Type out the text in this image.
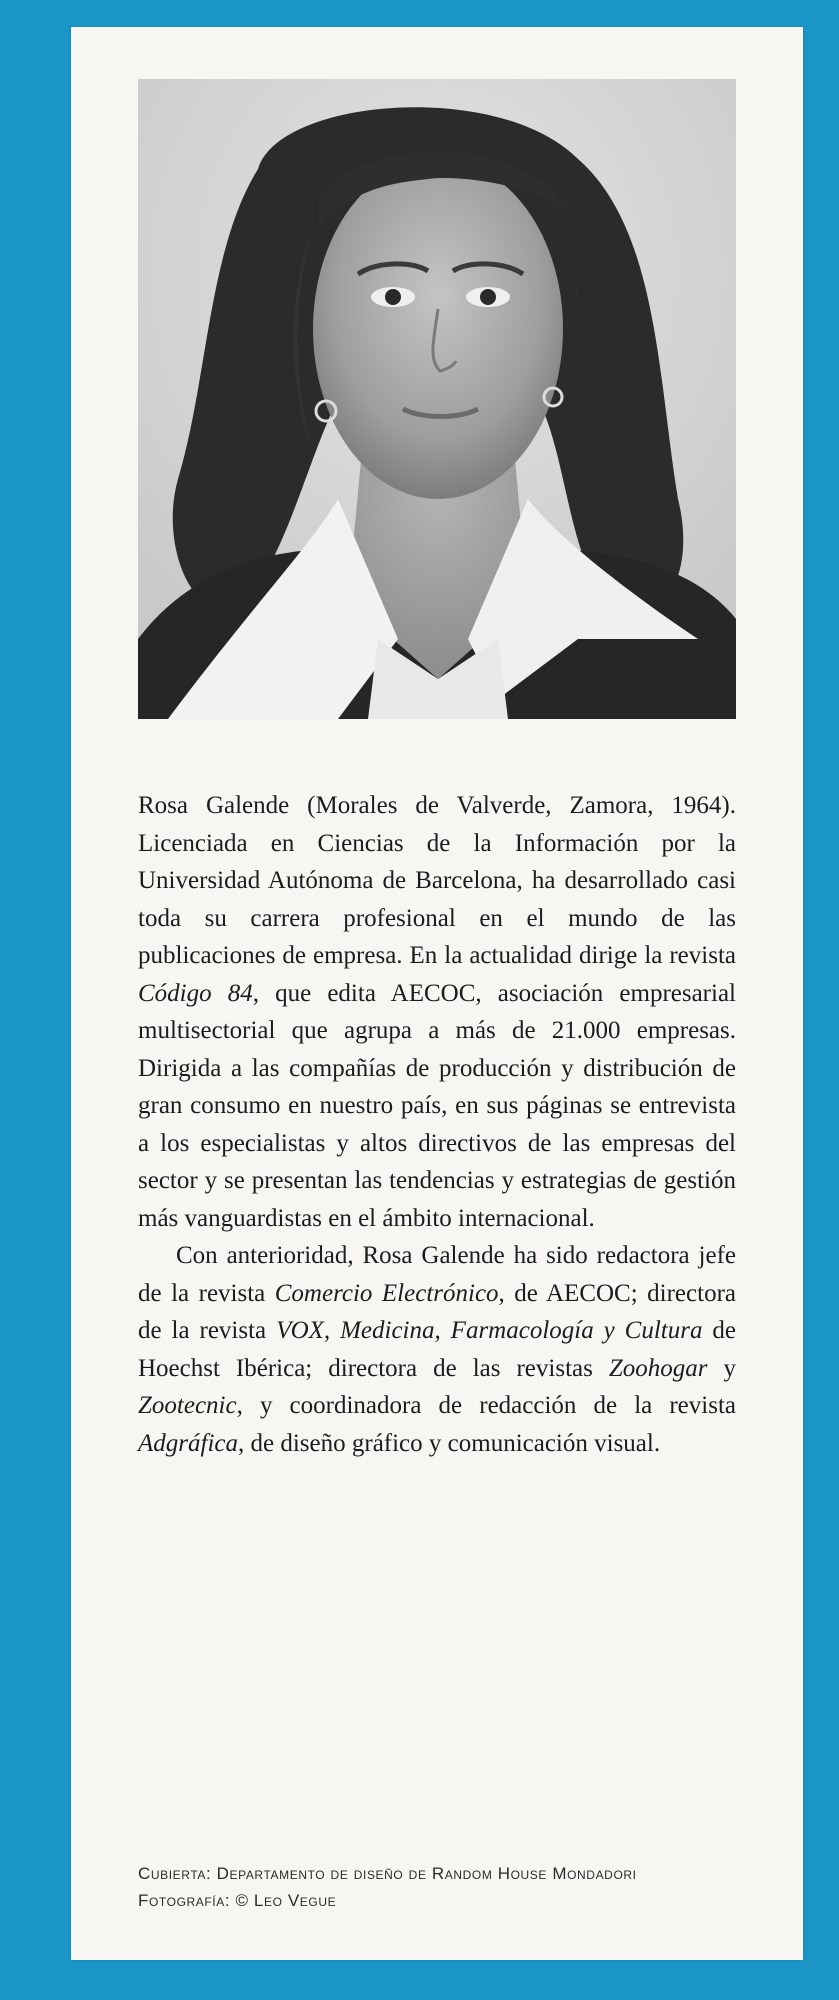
Rosa Galende (Morales de Valverde, Zamora, 1964). Licenciada en Ciencias de la Información por la Universidad Autónoma de Barcelona, ha desarrollado casi toda su carrera profesional en el mundo de las publicaciones de empresa. En la actualidad dirige la revista Código 84, que edita AECOC, asociación empresarial multisectorial que agrupa a más de 21.000 empresas. Dirigida a las compañías de producción y distribución de gran consumo en nuestro país, en sus páginas se entrevista a los especialistas y altos directivos de las empresas del sector y se presentan las tendencias y estrategias de gestión más vanguardistas en el ámbito internacional.

Con anterioridad, Rosa Galende ha sido redactora jefe de la revista Comercio Electrónico, de AECOC; directora de la revista VOX, Medicina, Farmacología y Cultura de Hoechst Ibérica; directora de las revistas Zoohogar y Zootecnic, y coordinadora de redacción de la revista Adgráfica, de diseño gráfico y comunicación visual.

Cubierta: Departamento de diseño de Random House Mondadori
Fotografía: © Leo Vegue
